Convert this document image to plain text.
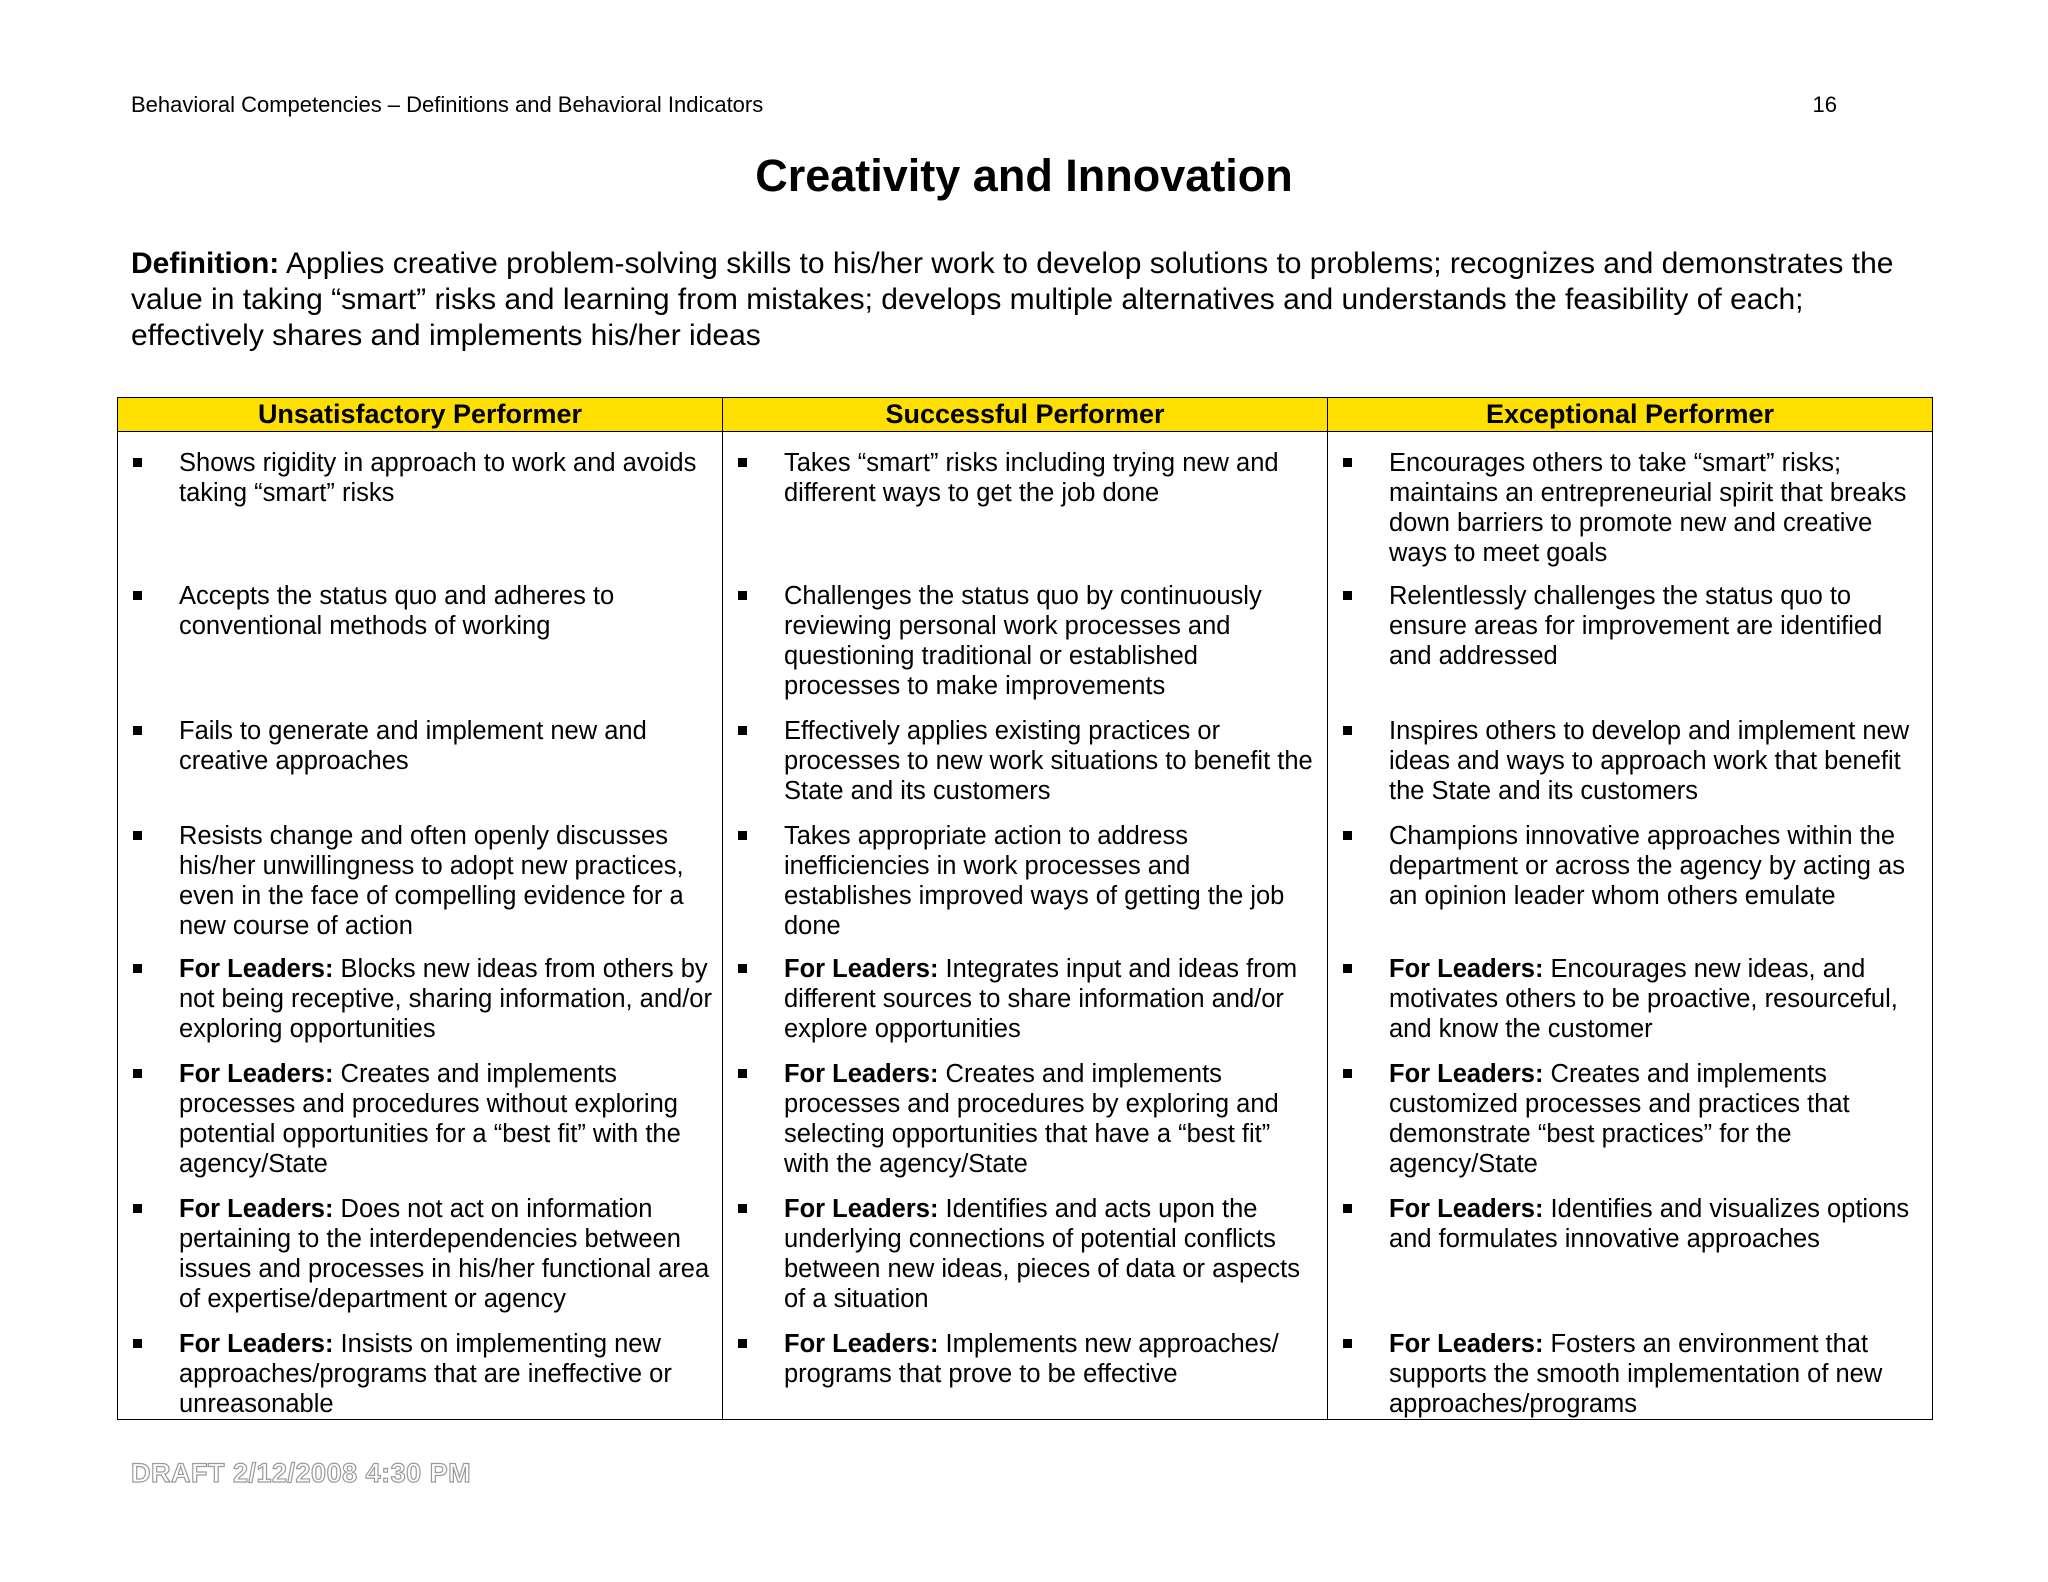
Behavioral Competencies – Definitions and Behavioral Indicators	16
Creativity and Innovation

Definition: Applies creative problem-solving skills to his/her work to develop solutions to problems; recognizes and demonstrates the value in taking “smart” risks and learning from mistakes; develops multiple alternatives and understands the feasibility of each; effectively shares and implements his/her ideas

Unsatisfactory Performer	Successful Performer	Exceptional Performer

Shows rigidity in approach to work and avoids taking “smart” risks	Takes “smart” risks including trying new and different ways to get the job done	Encourages others to take “smart” risks; maintains an entrepreneurial spirit that breaks down barriers to promote new and creative ways to meet goals

Accepts the status quo and adheres to conventional methods of working	Challenges the status quo by continuously reviewing personal work processes and questioning traditional or established processes to make improvements	Relentlessly challenges the status quo to ensure areas for improvement are identified and addressed

Fails to generate and implement new and creative approaches	Effectively applies existing practices or processes to new work situations to benefit the State and its customers	Inspires others to develop and implement new ideas and ways to approach work that benefit the State and its customers

Resists change and often openly discusses his/her unwillingness to adopt new practices, even in the face of compelling evidence for a new course of action	Takes appropriate action to address inefficiencies in work processes and establishes improved ways of getting the job done	Champions innovative approaches within the department or across the agency by acting as an opinion leader whom others emulate

For Leaders: Blocks new ideas from others by not being receptive, sharing information, and/or exploring opportunities	For Leaders: Integrates input and ideas from different sources to share information and/or explore opportunities	For Leaders: Encourages new ideas, and motivates others to be proactive, resourceful, and know the customer

For Leaders: Creates and implements processes and procedures without exploring potential opportunities for a “best fit” with the agency/State	For Leaders: Creates and implements processes and procedures by exploring and selecting opportunities that have a “best fit” with the agency/State	For Leaders: Creates and implements customized processes and practices that demonstrate “best practices” for the agency/State

For Leaders: Does not act on information pertaining to the interdependencies between issues and processes in his/her functional area of expertise/department or agency	For Leaders: Identifies and acts upon the underlying connections of potential conflicts between new ideas, pieces of data or aspects of a situation	For Leaders: Identifies and visualizes options and formulates innovative approaches

For Leaders: Insists on implementing new approaches/programs that are ineffective or unreasonable	For Leaders: Implements new approaches/ programs that prove to be effective	For Leaders: Fosters an environment that supports the smooth implementation of new approaches/programs
DRAFT 2/12/2008 4:30 PM
